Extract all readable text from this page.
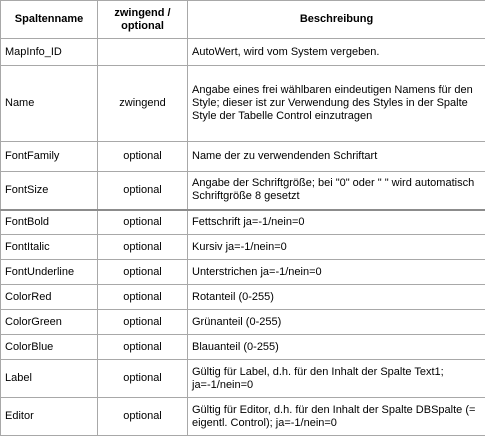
Spaltenname	zwingend / optional	Beschreibung
MapInfo_ID		AutoWert, wird vom System vergeben.
Name	zwingend	Angabe eines frei wählbaren eindeutigen Namens für den Style; dieser ist zur Verwendung des Styles in der Spalte Style der Tabelle Control einzutragen
FontFamily	optional	Name der zu verwendenden Schriftart
FontSize	optional	Angabe der Schriftgröße; bei "0" oder " " wird automatisch Schriftgröße 8 gesetzt
FontBold	optional	Fettschrift ja=-1/nein=0
FontItalic	optional	Kursiv ja=-1/nein=0
FontUnderline	optional	Unterstrichen ja=-1/nein=0
ColorRed	optional	Rotanteil (0-255)
ColorGreen	optional	Grünanteil (0-255)
ColorBlue	optional	Blauanteil (0-255)
Label	optional	Gültig für Label, d.h. für den Inhalt der Spalte Text1; ja=-1/nein=0
Editor	optional	Gültig für Editor, d.h. für den Inhalt der Spalte DBSpalte (= eigentl. Control); ja=-1/nein=0
